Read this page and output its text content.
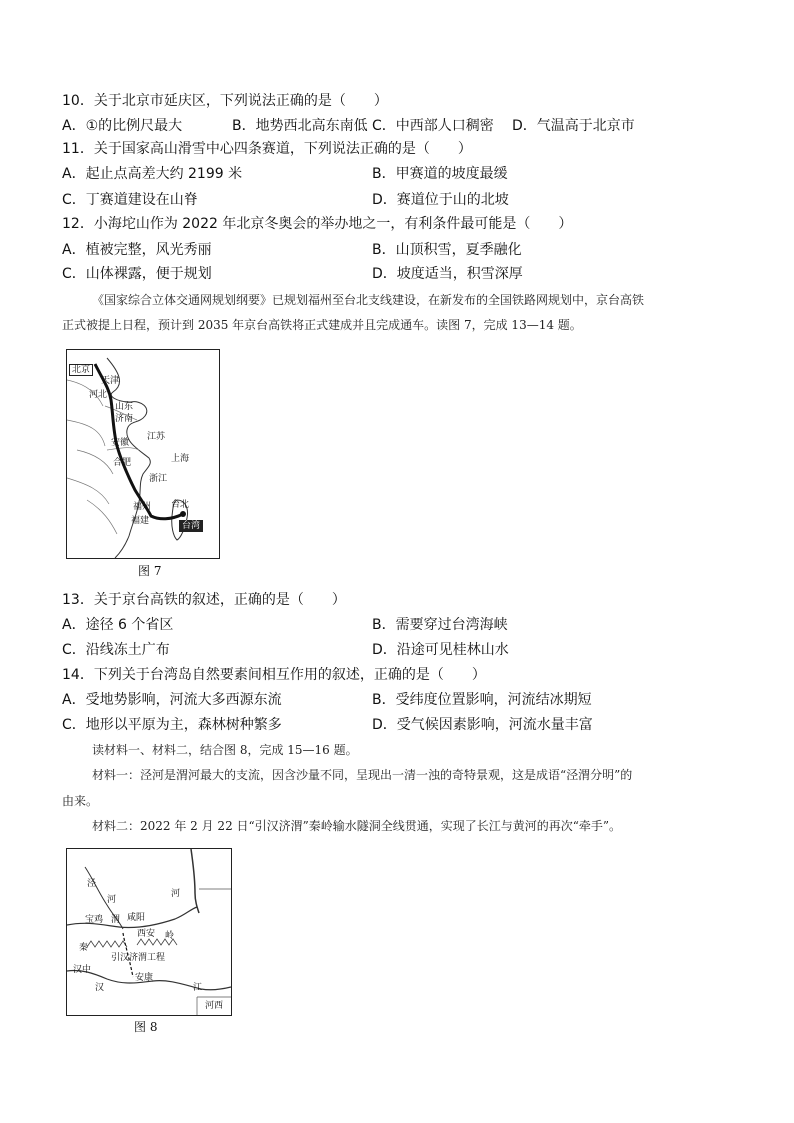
10．关于北京市延庆区，下列说法正确的是（　　）
A．①的比例尺最大	B．地势西北高东南低 C．中西部人口稠密 D．气温高于北京市
11．关于国家高山滑雪中心四条赛道，下列说法正确的是（　　）
A．起止点高差大约 2199 米	B．甲赛道的坡度最缓
C．丁赛道建设在山脊	D．赛道位于山的北坡
12．小海坨山作为 2022 年北京冬奥会的举办地之一，有利条件最可能是（　　）
A．植被完整，风光秀丽	B．山顶积雪，夏季融化
C．山体裸露，便于规划	D．坡度适当，积雪深厚
《国家综合立体交通网规划纲要》已规划福州至台北支线建设，在新发布的全国铁路网规划中，京台高铁
正式被提上日程，预计到 2035 年京台高铁将正式建成并且完成通车。读图 7，完成 13—14 题。
北京
天津
河北
山东
济南
江苏
安徽
合肥	上海
浙江
福州
福建
台北
台湾
图 7
13．关于京台高铁的叙述，正确的是（　　）
A．途径 6 个省区	B．需要穿过台湾海峡
C．沿线冻土广布	D．沿途可见桂林山水
14．下列关于台湾岛自然要素间相互作用的叙述，正确的是（　　）
A．受地势影响，河流大多西源东流	B．受纬度位置影响，河流结冰期短
C．地形以平原为主，森林树种繁多	D．受气候因素影响，河流水量丰富
读材料一、材料二，结合图 8，完成 15—16 题。
材料一：泾河是渭河最大的支流，因含沙量不同，呈现出一清一浊的奇特景观，这是成语“泾渭分明”的
由来。
材料二：2022 年 2 月 22 日“引汉济渭”秦岭输水隧洞全线贯通，实现了长江与黄河的再次“牵手”。
泾
河
河
宝鸡 渭 咸阳
秦
西安 岭
引汉济渭工程
汉中
汉
安康
江
河西
图 8
